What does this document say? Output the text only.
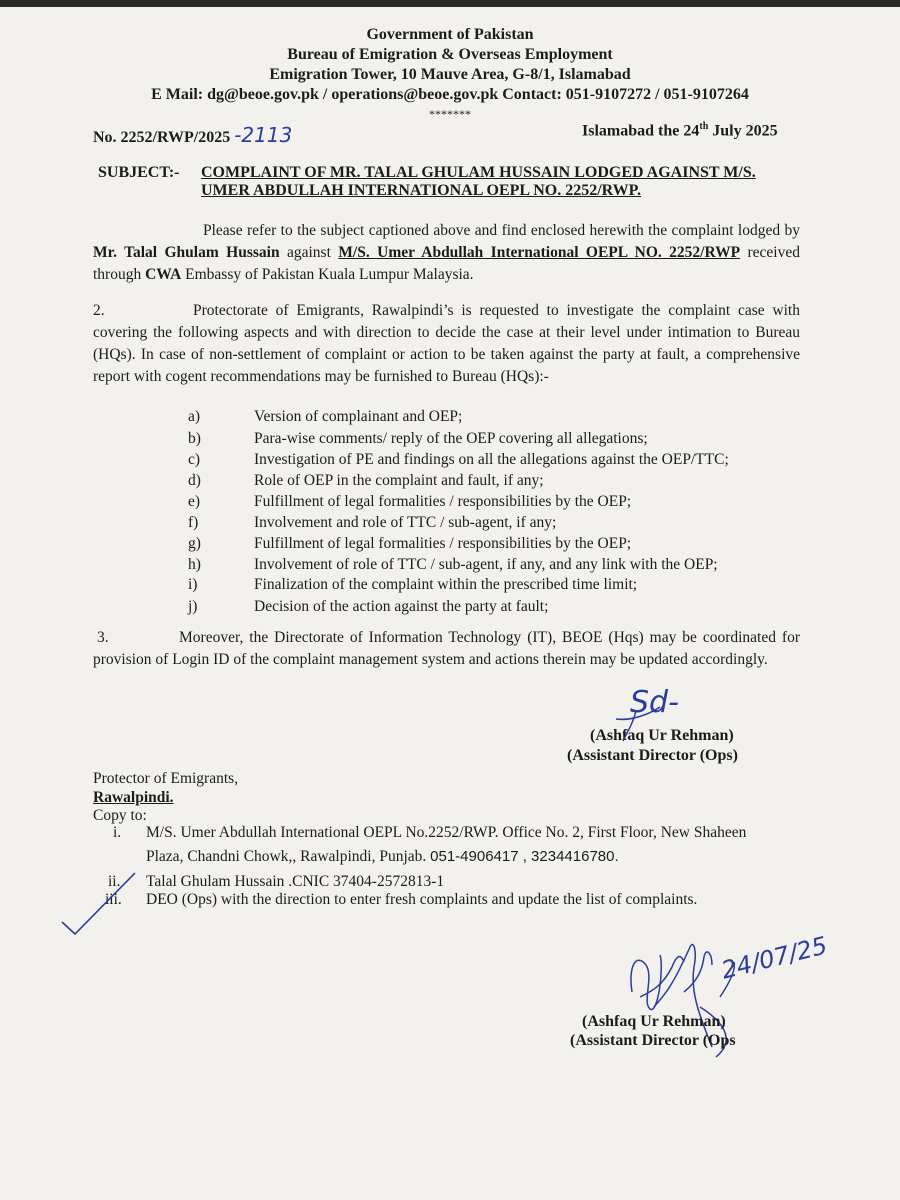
Government of Pakistan
Bureau of Emigration & Overseas Employment
Emigration Tower, 10 Mauve Area, G-8/1, Islamabad
E Mail: dg@beoe.gov.pk / operations@beoe.gov.pk Contact: 051-9107272 / 051-9107264
*******
No. 2252/RWP/2025 -2113	Islamabad the 24th July 2025
SUBJECT:- COMPLAINT OF MR. TALAL GHULAM HUSSAIN LODGED AGAINST M/S.
UMER ABDULLAH INTERNATIONAL OEPL NO. 2252/RWP.
Please refer to the subject captioned above and find enclosed herewith the complaint lodged by Mr. Talal Ghulam Hussain against M/S. Umer Abdullah International OEPL NO. 2252/RWP received through CWA Embassy of Pakistan Kuala Lumpur Malaysia.
2.	Protectorate of Emigrants, Rawalpindi’s is requested to investigate the complaint case with covering the following aspects and with direction to decide the case at their level under intimation to Bureau (HQs). In case of non-settlement of complaint or action to be taken against the party at fault, a comprehensive report with cogent recommendations may be furnished to Bureau (HQs):-
a)	Version of complainant and OEP;
b)	Para-wise comments/ reply of the OEP covering all allegations;
c)	Investigation of PE and findings on all the allegations against the OEP/TTC;
d)	Role of OEP in the complaint and fault, if any;
e)	Fulfillment of legal formalities / responsibilities by the OEP;
f)	Involvement and role of TTC / sub-agent, if any;
g)	Fulfillment of legal formalities / responsibilities by the OEP;
h)	Involvement of role of TTC / sub-agent, if any, and any link with the OEP;
i)	Finalization of the complaint within the prescribed time limit;
j)	Decision of the action against the party at fault;
3.	Moreover, the Directorate of Information Technology (IT), BEOE (Hqs) may be coordinated for provision of Login ID of the complaint management system and actions therein may be updated accordingly.
Sd-
(Ashfaq Ur Rehman)
(Assistant Director (Ops)
Protector of Emigrants,
Rawalpindi.
Copy to:
i. M/S. Umer Abdullah International OEPL No.2252/RWP. Office No. 2, First Floor, New Shaheen
Plaza, Chandni Chowk,, Rawalpindi, Punjab. 051-4906417 , 3234416780.
ii. Talal Ghulam Hussain .CNIC 37404-2572813-1
iii. DEO (Ops) with the direction to enter fresh complaints and update the list of complaints.
24/07/25
(Ashfaq Ur Rehman)
(Assistant Director (Ops
